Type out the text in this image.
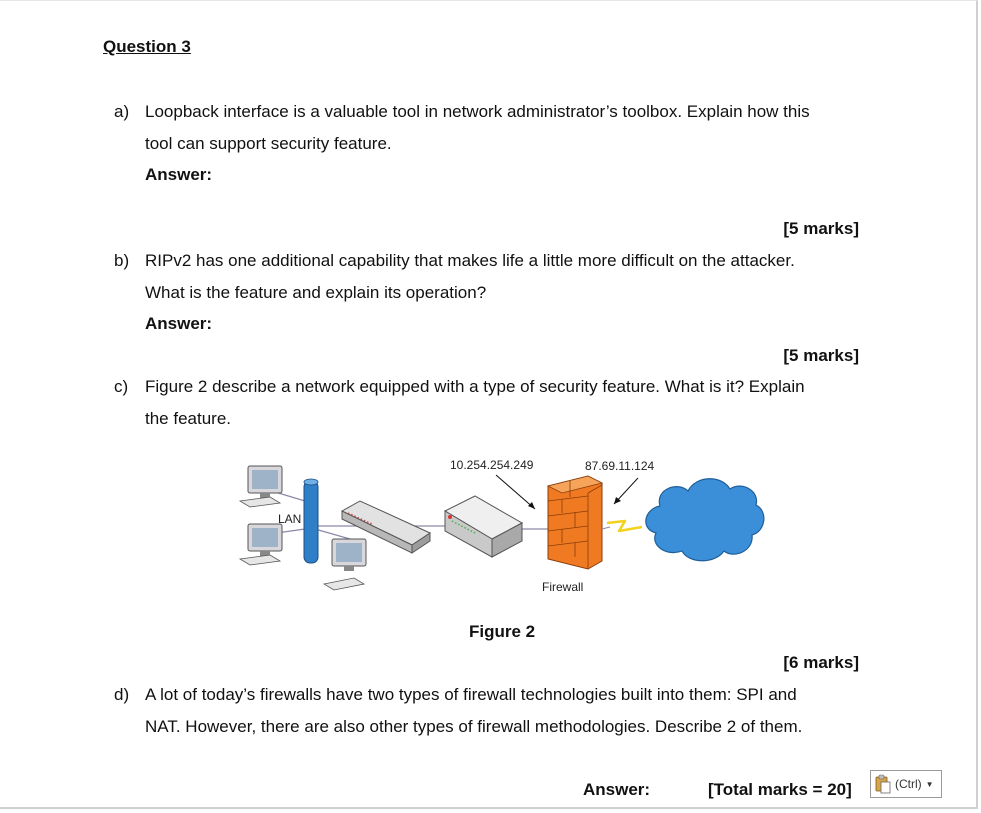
Question 3
a) Loopback interface is a valuable tool in network administrator’s toolbox. Explain how this
tool can support security feature.
Answer:
[5 marks]
b) RIPv2 has one additional capability that makes life a little more difficult on the attacker.
What is the feature and explain its operation?
Answer:
[5 marks]
c) Figure 2 describe a network equipped with a type of security feature. What is it? Explain
the feature.
LAN
10.254.254.249	87.69.11.124
Firewall
Figure 2
[6 marks]
d) A lot of today’s firewalls have two types of firewall technologies built into them: SPI and
NAT. However, there are also other types of firewall methodologies. Describe 2 of them.
Answer:	[Total marks = 20]	(Ctrl) ▼
